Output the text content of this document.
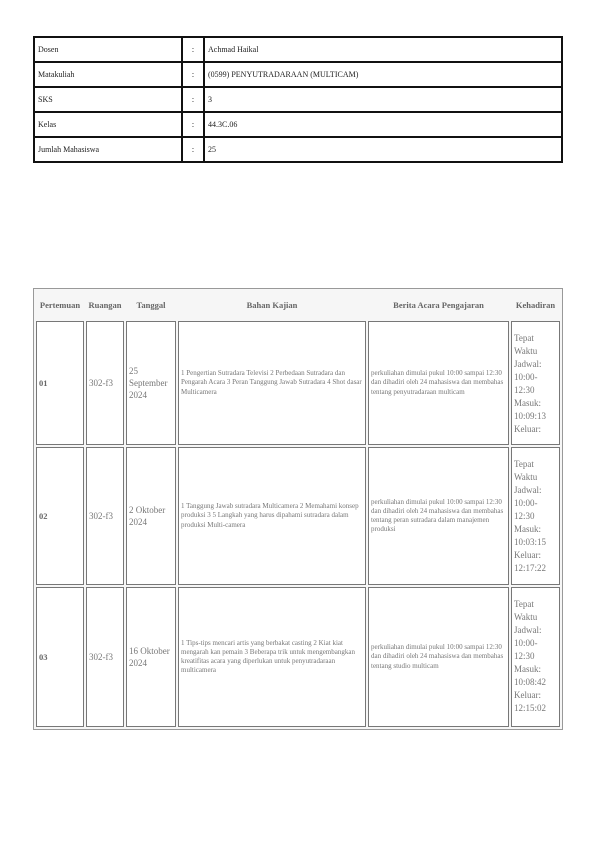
Dosen	:	Achmad Haikal
Matakuliah	:	(0599) PENYUTRADARAAN (MULTICAM)
SKS	:	3
Kelas	:	44.3C.06
Jumlah Mahasiswa	:	25
Pertemuan	Ruangan	Tanggal	Bahan Kajian	Berita Acara Pengajaran	Kehadiran
01	302-f3	25 September 2024	1 Pengertian Sutradara Televisi 2 Perbedaan Sutradara dan Pengarah Acara 3 Peran Tanggung Jawab Sutradara 4 Shot dasar Multicamera	perkuliahan dimulai pukul 10:00 sampai 12:30 dan dihadiri oleh 24 mahasiswa dan membahas tentang penyutradaraan multicam	Tepat Waktu
Jadwal: 10:00-12:30
Masuk: 10:09:13
Keluar:

02	302-f3	2 Oktober 2024	1 Tanggung Jawab sutradara Multicamera 2 Memahami konsep produksi 3 5 Langkah yang harus dipahami sutradara dalam produksi Multi-camera	perkuliahan dimulai pukul 10:00 sampai 12:30 dan dihadiri oleh 24 mahasiswa dan membahas tentang peran sutradara dalam manajemen produksi	Tepat Waktu
Jadwal: 10:00-12:30
Masuk: 10:03:15
Keluar: 12:17:22

03	302-f3	16 Oktober 2024	1 Tips-tips mencari artis yang berbakat casting 2 Kiat kiat mengarah kan pemain 3 Beberapa trik untuk mengembangkan kreatifitas acara yang diperlukan untuk penyutradaraan multicamera	perkuliahan dimulai pukul 10:00 sampai 12:30 dan dihadiri oleh 24 mahasiswa dan membahas tentang studio multicam	Tepat Waktu
Jadwal: 10:00-12:30
Masuk: 10:08:42
Keluar: 12:15:02
